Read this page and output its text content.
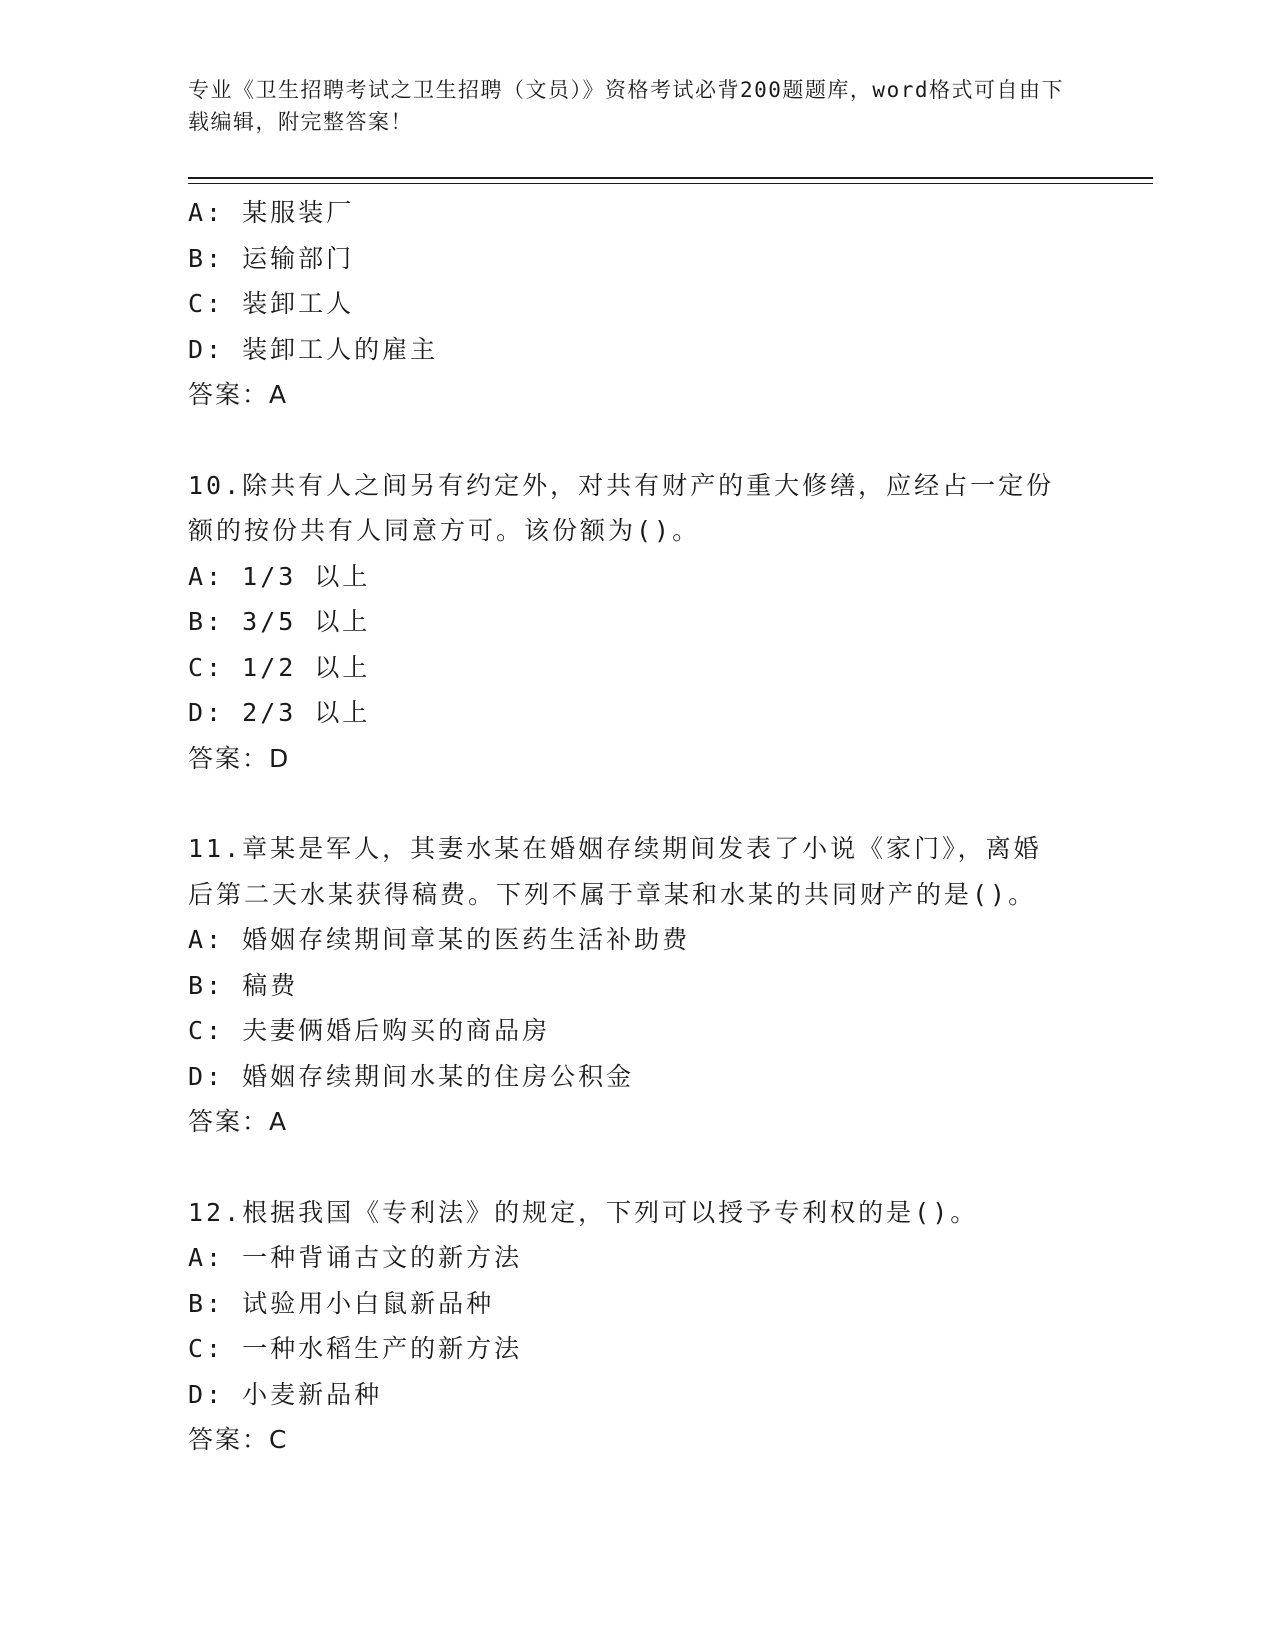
专业《卫生招聘考试之卫生招聘（文员）》资格考试必背200题题库，word格式可自由下载编辑，附完整答案！
A: 某服装厂
B: 运输部门
C: 装卸工人
D: 装卸工人的雇主
答案：A
10.除共有人之间另有约定外，对共有财产的重大修缮，应经占一定份额的按份共有人同意方可。该份额为()。
A: 1/3 以上
B: 3/5 以上
C: 1/2 以上
D: 2/3 以上
答案：D
11.章某是军人，其妻水某在婚姻存续期间发表了小说《家门》，离婚后第二天水某获得稿费。下列不属于章某和水某的共同财产的是()。
A: 婚姻存续期间章某的医药生活补助费
B: 稿费
C: 夫妻俩婚后购买的商品房
D: 婚姻存续期间水某的住房公积金
答案：A
12.根据我国《专利法》的规定，下列可以授予专利权的是()。
A: 一种背诵古文的新方法
B: 试验用小白鼠新品种
C: 一种水稻生产的新方法
D: 小麦新品种
答案：C
